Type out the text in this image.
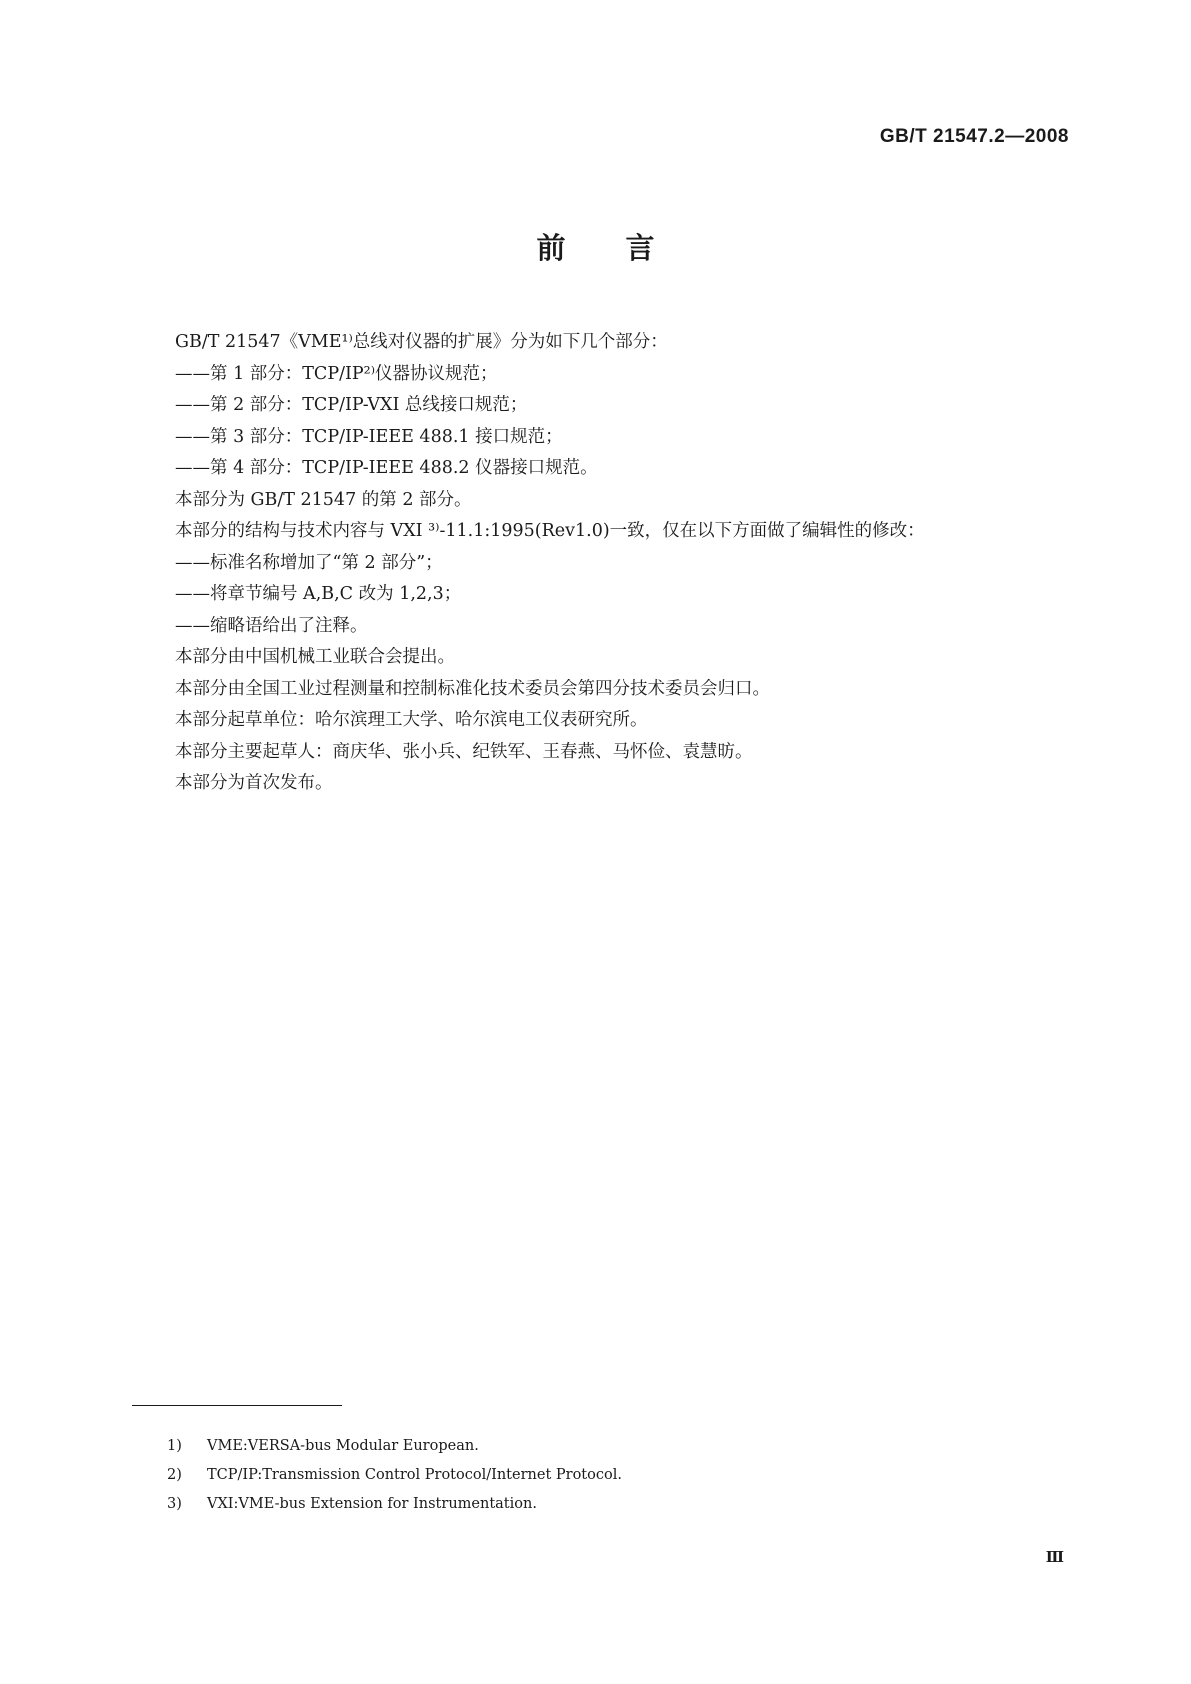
GB/T 21547.2—2008
前言
GB/T 21547《VME¹⁾总线对仪器的扩展》分为如下几个部分：
——第 1 部分：TCP/IP²⁾仪器协议规范；
——第 2 部分：TCP/IP-VXI 总线接口规范；
——第 3 部分：TCP/IP-IEEE 488.1 接口规范；
——第 4 部分：TCP/IP-IEEE 488.2 仪器接口规范。
本部分为 GB/T 21547 的第 2 部分。
本部分的结构与技术内容与 VXI ³⁾-11.1:1995(Rev1.0)一致，仅在以下方面做了编辑性的修改：
——标准名称增加了“第 2 部分”；
——将章节编号 A,B,C 改为 1,2,3；
——缩略语给出了注释。
本部分由中国机械工业联合会提出。
本部分由全国工业过程测量和控制标准化技术委员会第四分技术委员会归口。
本部分起草单位：哈尔滨理工大学、哈尔滨电工仪表研究所。
本部分主要起草人：商庆华、张小兵、纪铁军、王春燕、马怀俭、袁慧昉。
本部分为首次发布。
1) VME:VERSA-bus Modular European.
2) TCP/IP:Transmission Control Protocol/Internet Protocol.
3) VXI:VME-bus Extension for Instrumentation.
Ⅲ
